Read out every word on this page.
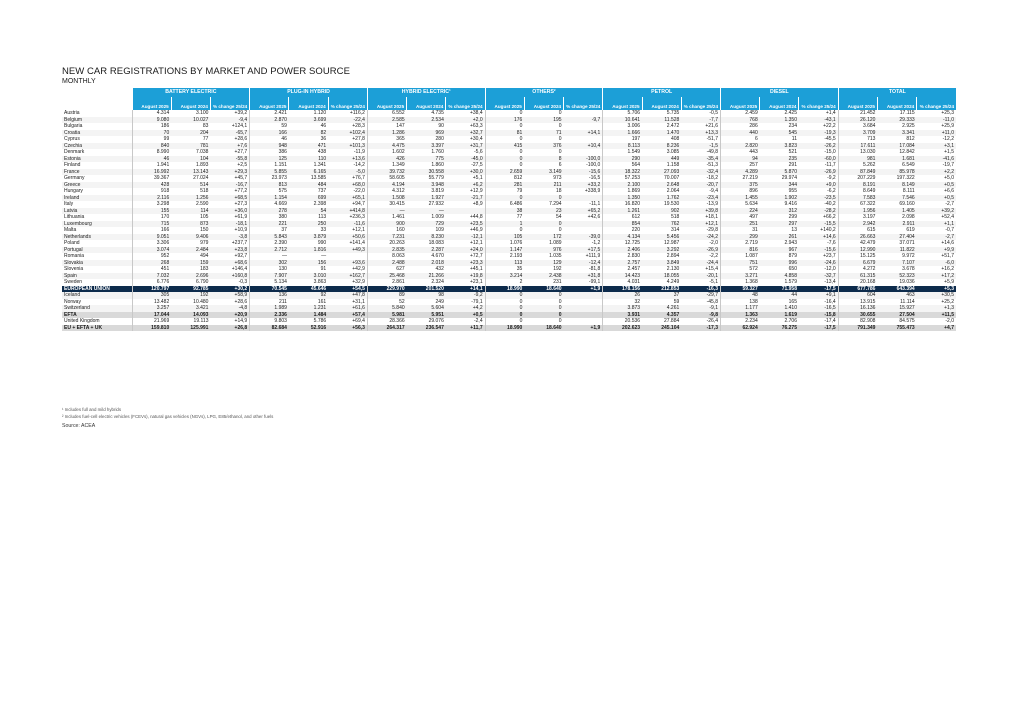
NEW CAR REGISTRATIONS BY MARKET AND POWER SOURCE
MONTHLY
	BATTERY ELECTRIC			PLUG-IN HYBRID			HYBRID ELECTRIC¹			OTHERS²			PETROL			DIESEL			TOTAL		
	August 2025	August 2024	% change 25/24	August 2025	August 2024	% change 25/24	August 2025	August 2024	% change 25/24	August 2025	August 2024	% change 25/24	August 2025	August 2024	% change 25/24	August 2025	August 2024	% change 25/24	August 2025	August 2024	% change 25/24
Austria	4.314	3.100	+39,2	2.421	1.120	+116,2	6.552	4.735	+38,4	0	0		5.706	5.735	-0,5	2.459	2.425	+1,4	21.452	17.115	+25,3
Belgium	9.080	10.027	-9,4	2.870	3.699	-22,4	2.585	2.534	+2,0	176	195	-9,7	10.641	11.528	-7,7	768	1.350	-43,1	26.120	29.333	-11,0
Bulgaria	186	83	+124,1	59	46	+28,3	147	90	+63,3	0	0		3.006	2.472	+21,6	286	234	+22,2	3.684	2.925	+25,9
Croatia	70	204	-65,7	166	82	+102,4	1.286	969	+32,7	81	71	+14,1	1.666	1.470	+13,3	440	545	-19,3	3.709	3.341	+11,0
Cyprus	99	77	+28,6	46	36	+27,8	365	280	+30,4	0	0		197	408	-51,7	6	11	-45,5	713	812	-12,2
Czechia	840	781	+7,6	948	471	+101,3	4.475	3.397	+31,7	415	376	+10,4	8.113	8.236	-1,5	2.820	3.823	-26,2	17.611	17.084	+3,1
Denmark	8.990	7.038	+27,7	386	438	-11,9	1.602	1.760	-5,6	0	0		1.549	3.085	-49,8	443	521	-15,0	13.030	12.842	+1,5
Estonia	46	104	-55,8	125	110	+13,6	426	775	-45,0	0	8	-100,0	290	449	-35,4	94	235	-60,0	981	1.681	-41,6
Finland	1.941	1.893	+2,5	1.151	1.341	-14,2	1.349	1.860	-27,5	0	6	-100,0	564	1.158	-51,3	257	291	-11,7	5.262	6.549	-19,7
France	16.992	13.143	+29,3	5.855	6.165	-5,0	39.732	30.558	+30,0	2.659	3.149	-15,6	18.322	27.093	-32,4	4.289	5.870	-26,9	87.849	85.978	+2,2
Germany	39.367	27.024	+45,7	23.973	13.585	+76,7	58.605	55.779	+5,1	812	973	-16,5	57.253	70.007	-18,2	27.219	29.974	-9,2	207.229	197.322	+5,0
Greece	428	514	-16,7	813	484	+68,0	4.194	3.948	+6,2	281	211	+33,2	2.100	2.648	-20,7	375	344	+9,0	8.191	8.149	+0,5
Hungary	918	518	+77,2	575	737	-22,0	4.312	3.819	+12,9	79	18	+338,9	1.869	2.064	-9,4	896	955	-6,2	8.649	8.111	+6,6
Ireland	2.116	1.256	+68,5	1.154	699	+65,1	1.508	1.927	-21,7	0	0		1.350	1.762	-23,4	1.455	1.902	-23,5	7.583	7.546	+0,5
Italy	3.298	2.590	+27,3	4.669	2.398	+94,7	30.415	27.932	+8,9	6.486	7.294	-11,1	16.820	19.530	-13,9	5.634	9.416	-40,2	67.322	69.160	-2,7
Latvia	155	114	+36,0	278	54	+414,8	—	—		38	23	+65,2	1.261	902	+39,8	224	312	-28,2	1.956	1.405	+39,2
Lithuania	170	105	+61,9	380	113	+236,3	1.461	1.009	+44,8	77	54	+42,6	612	518	+18,1	497	299	+66,2	3.197	2.098	+52,4
Luxembourg	715	873	-18,1	221	250	-11,6	900	729	+23,5	1	0		854	762	+12,1	251	297	-15,5	2.942	2.911	+1,1
Malta	166	150	+10,9	37	33	+12,1	160	109	+46,9	0	0		220	314	-29,8	31	13	+140,2	615	619	-0,7
Netherlands	9.051	9.406	-3,8	5.843	3.879	+50,6	7.231	8.230	-12,1	105	172	-39,0	4.134	5.456	-24,2	299	261	+14,6	26.663	27.404	-2,7
Poland	3.306	979	+237,7	2.390	990	+141,4	20.263	18.083	+12,1	1.076	1.089	-1,2	12.725	12.987	-2,0	2.719	2.943	-7,6	42.479	37.071	+14,6
Portugal	3.074	2.484	+23,8	2.712	1.816	+49,3	2.835	2.287	+24,0	1.147	976	+17,5	2.406	3.292	-26,9	816	967	-15,6	12.990	11.822	+9,9
Romania	952	494	+92,7	—	—		8.063	4.670	+72,7	2.193	1.035	+111,9	2.830	2.894	-2,2	1.087	879	+23,7	15.125	9.972	+51,7
Slovakia	268	159	+68,6	302	156	+93,6	2.488	2.018	+23,3	113	129	-12,4	2.757	3.849	-24,4	751	996	-24,6	6.679	7.107	-6,0
Slovenia	451	183	+146,4	130	91	+42,9	627	432	+45,1	35	192	-81,8	2.457	2.130	+15,4	572	650	-12,0	4.272	3.678	+16,2
Spain	7.032	2.696	+160,8	7.907	3.010	+162,7	25.468	21.266	+19,8	3.214	2.438	+31,8	14.423	18.055	-20,1	3.271	4.858	-32,7	61.315	52.323	+17,2
Sweden	6.776	6.790	-0,3	5.134	3.863	+32,9	2.861	2.324	+23,1	2	231	-99,1	4.031	4.249	-5,1	1.368	1.579	-13,4	20.168	19.036	+5,9
EUROPEAN UNION	120.797	92.785	+30,2	70.545	45.646	+54,5	229.970	201.520	+14,1	18.990	18.640	+1,9	178.156	212.853	-16,3	59.327	71.958	-17,5	677.786	643.394	+5,3
Iceland	305	192	+58,9	136	92	+47,8	89	98	-9,2	0	0		26	37	-29,7	48	44	+9,1	604	463	+30,5
Norway	13.482	10.480	+28,6	211	161	+31,1	52	249	-79,1	0	0		32	59	-45,8	138	165	-16,4	13.915	11.114	+25,2
Switzerland	3.257	3.421	-4,8	1.989	1.231	+61,6	5.840	5.604	+4,2	0	0		3.873	4.261	-9,1	1.177	1.410	-16,5	16.136	15.927	+1,3
EFTA	17.044	14.093	+20,9	2.336	1.484	+57,4	5.981	5.951	+0,5	0	0		3.931	4.357	-9,8	1.363	1.619	-15,8	30.655	27.504	+11,5
United Kingdom	21.969	19.113	+14,9	9.803	5.786	+69,4	28.366	29.076	-2,4	0	0		20.536	27.884	-26,4	2.234	2.706	-17,4	82.908	84.575	-2,0
EU + EFTA + UK	159.810	125.991	+26,8	82.684	52.916	+56,3	264.317	236.547	+11,7	18.990	18.640	+1,9	202.623	245.104	-17,3	62.924	76.275	-17,5	791.349	755.473	+4,7
¹ Includes full and mild hybrids
² Includes fuel-cell electric vehicles (FCEVs), natural gas vehicles (NGVs), LPG, E85/ethanol, and other fuels
Source: ACEA
